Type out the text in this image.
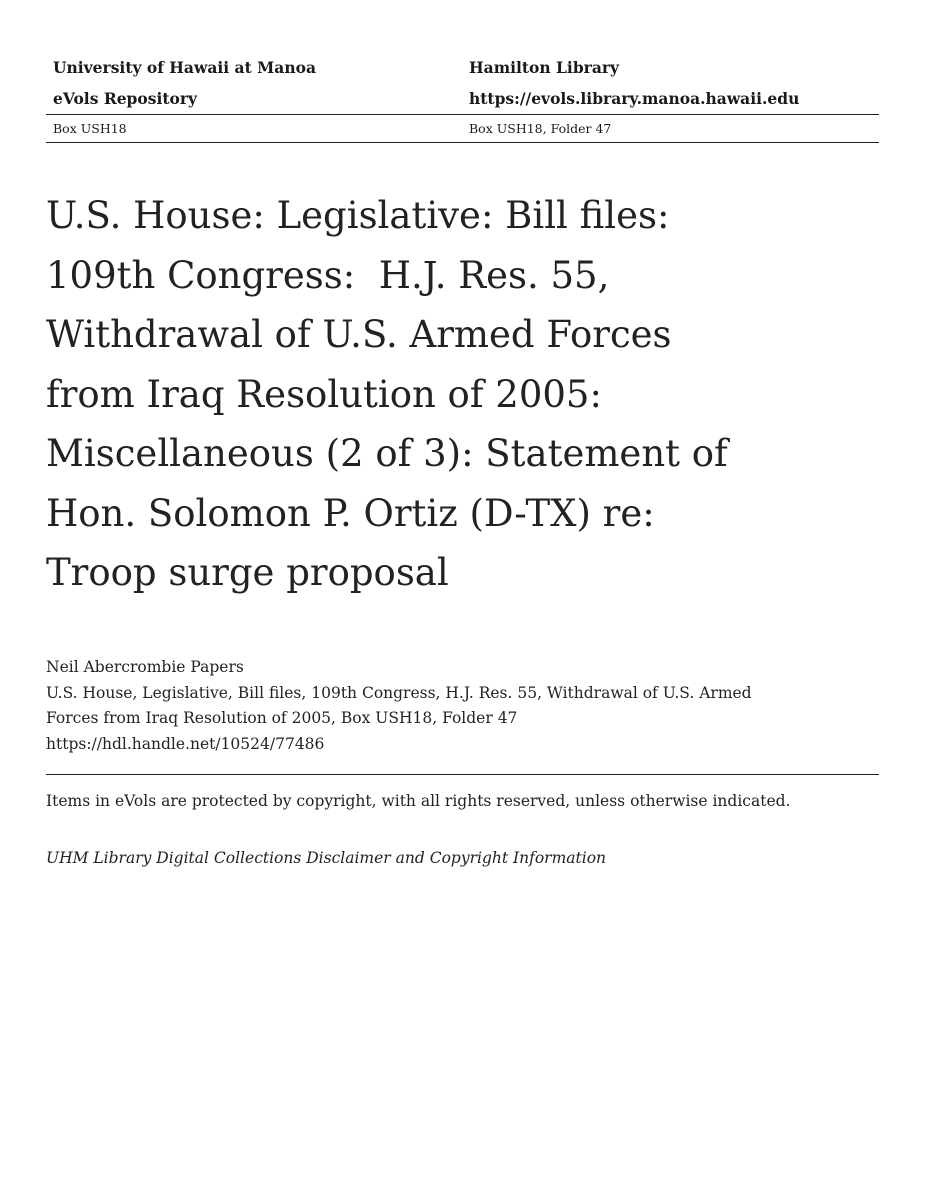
University of Hawaii at Manoa	Hamilton Library
eVols Repository	https://evols.library.manoa.hawaii.edu
Box USH18	Box USH18, Folder 47
U.S. House: Legislative: Bill files:
109th Congress:  H.J. Res. 55,
Withdrawal of U.S. Armed Forces
from Iraq Resolution of 2005:
Miscellaneous (2 of 3): Statement of
Hon. Solomon P. Ortiz (D-TX) re:
Troop surge proposal
Neil Abercrombie Papers
U.S. House, Legislative, Bill files, 109th Congress, H.J. Res. 55, Withdrawal of U.S. Armed
Forces from Iraq Resolution of 2005, Box USH18, Folder 47
https://hdl.handle.net/10524/77486
Items in eVols are protected by copyright, with all rights reserved, unless otherwise indicated.
UHM Library Digital Collections Disclaimer and Copyright Information
